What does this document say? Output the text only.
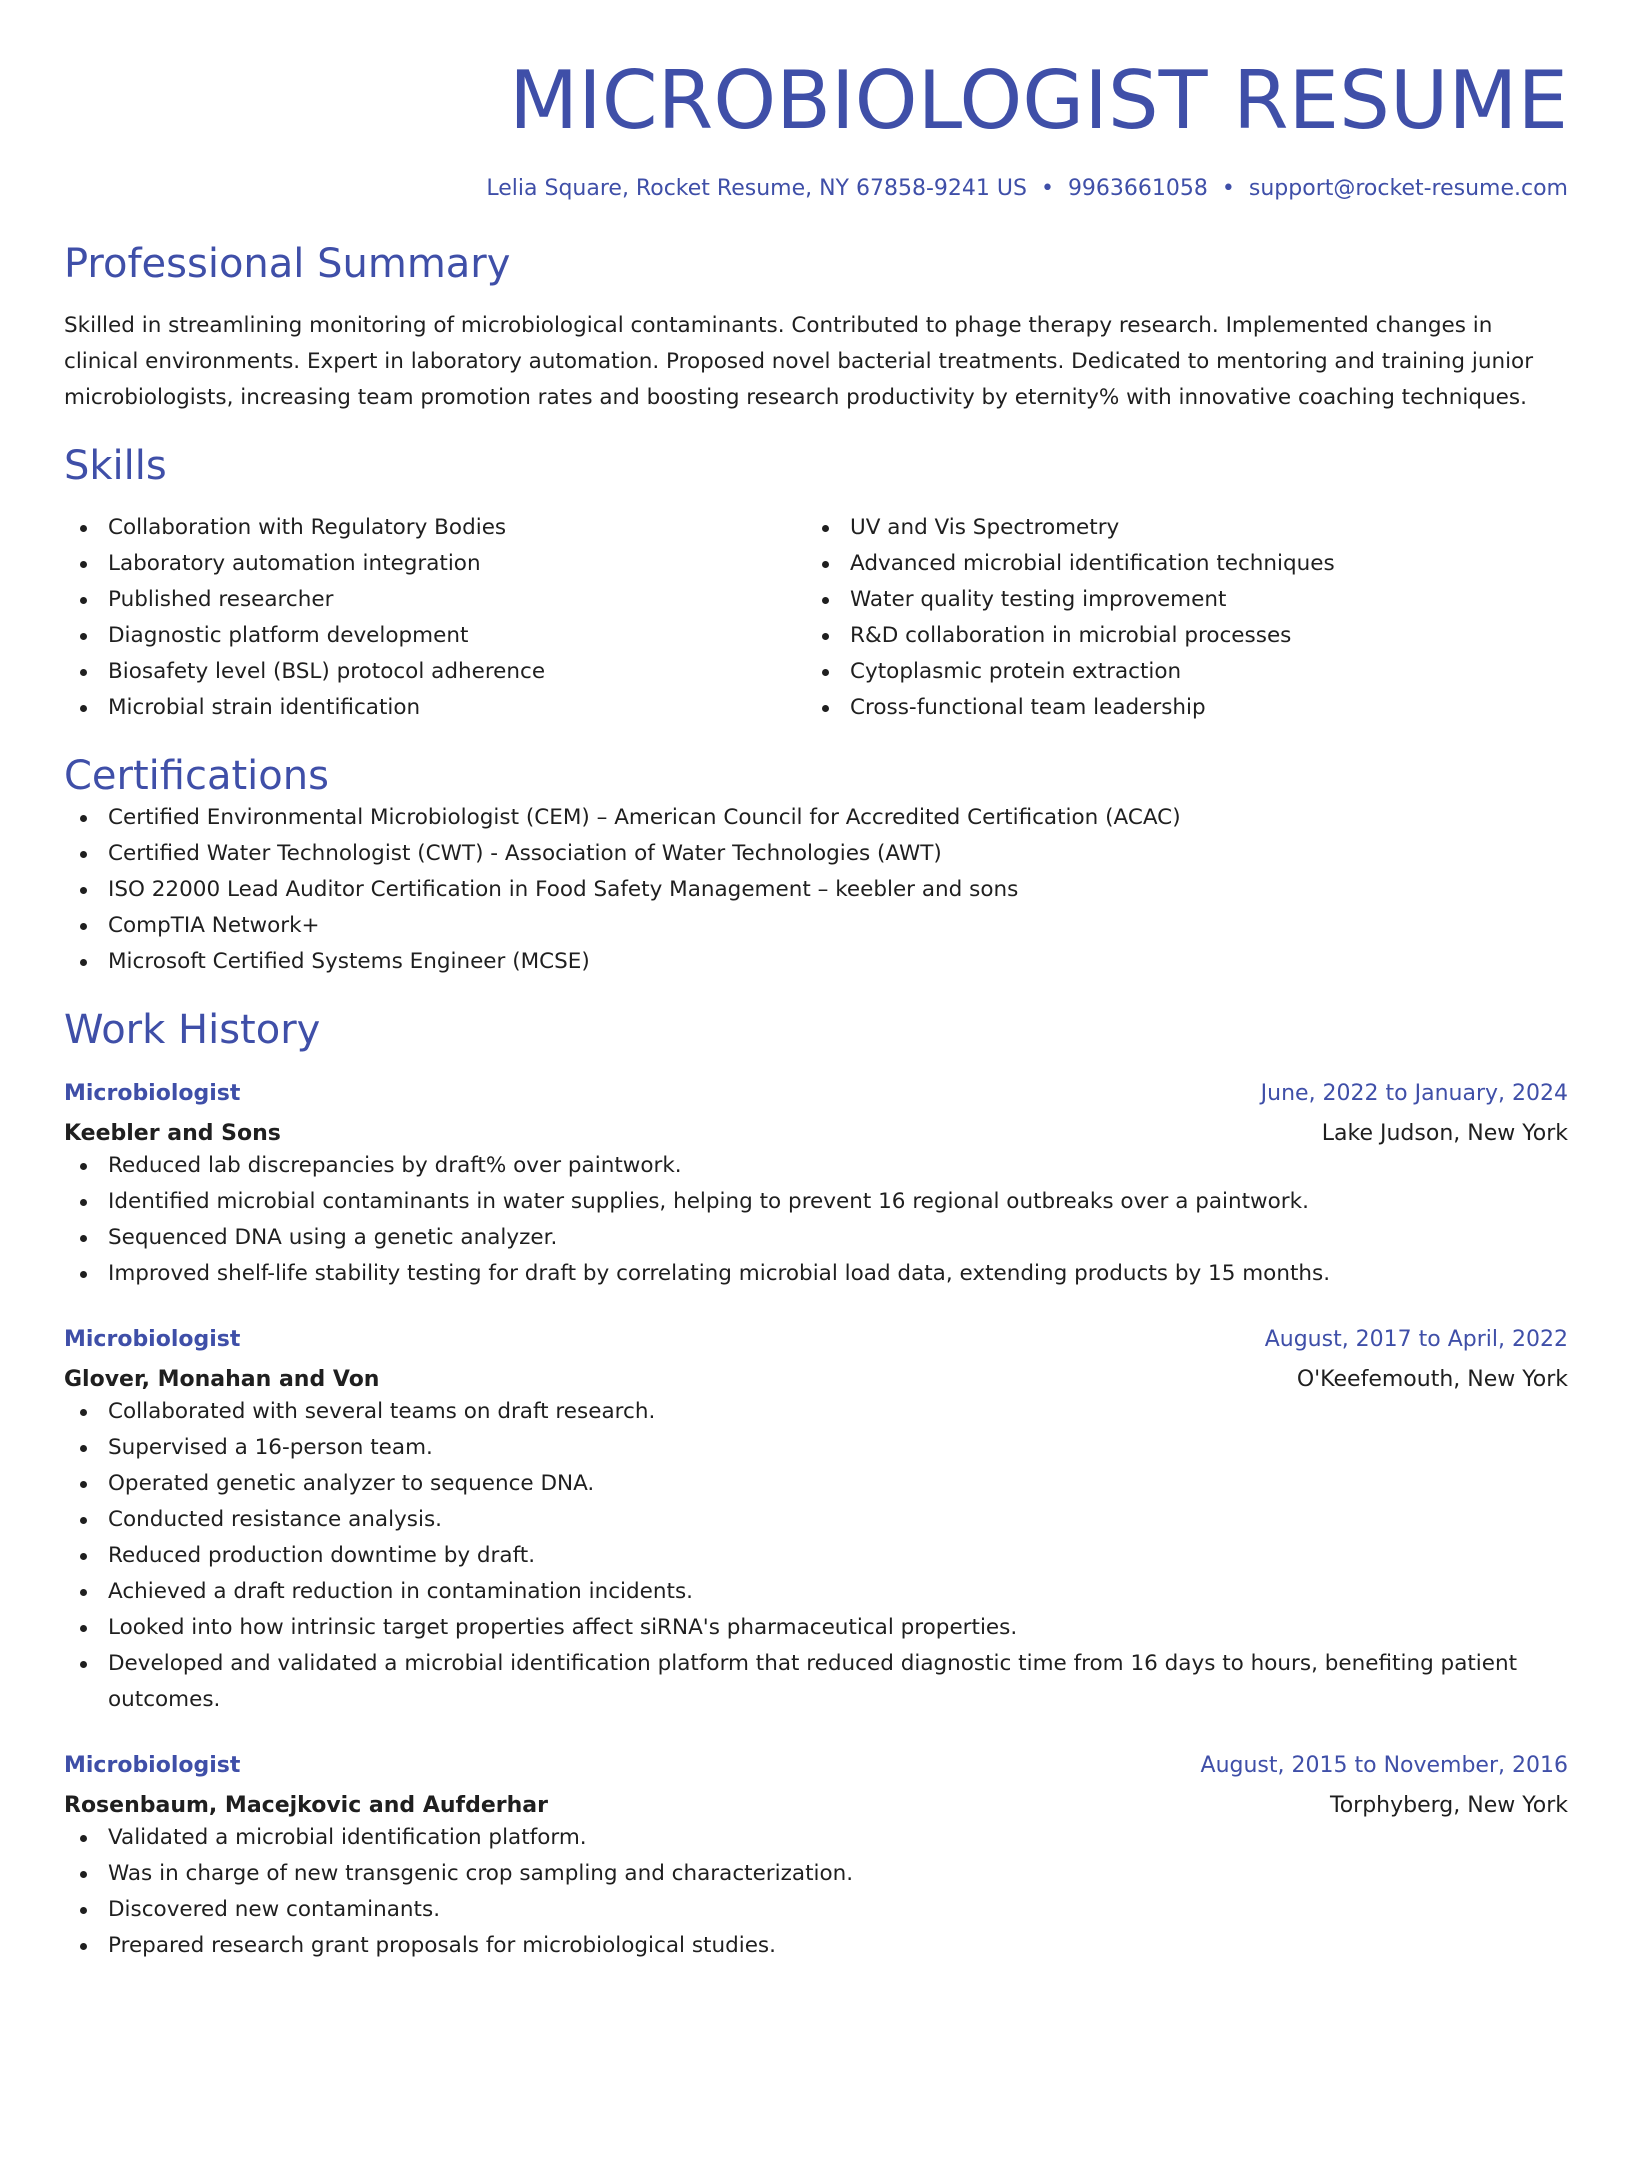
MICROBIOLOGIST RESUME
Lelia Square, Rocket Resume, NY 67858-9241 US • 9963661058 • support@rocket-resume.com
Professional Summary
Skilled in streamlining monitoring of microbiological contaminants. Contributed to phage therapy research. Implemented changes in clinical environments. Expert in laboratory automation. Proposed novel bacterial treatments. Dedicated to mentoring and training junior microbiologists, increasing team promotion rates and boosting research productivity by eternity% with innovative coaching techniques.
Skills
Collaboration with Regulatory Bodies
Laboratory automation integration
Published researcher
Diagnostic platform development
Biosafety level (BSL) protocol adherence
Microbial strain identification
UV and Vis Spectrometry
Advanced microbial identification techniques
Water quality testing improvement
R&D collaboration in microbial processes
Cytoplasmic protein extraction
Cross-functional team leadership
Certifications
Certified Environmental Microbiologist (CEM) – American Council for Accredited Certification (ACAC)
Certified Water Technologist (CWT) - Association of Water Technologies (AWT)
ISO 22000 Lead Auditor Certification in Food Safety Management – keebler and sons
CompTIA Network+
Microsoft Certified Systems Engineer (MCSE)
Work History
Microbiologist	June, 2022 to January, 2024
Keebler and Sons	Lake Judson, New York
Reduced lab discrepancies by draft% over paintwork.
Identified microbial contaminants in water supplies, helping to prevent 16 regional outbreaks over a paintwork.
Sequenced DNA using a genetic analyzer.
Improved shelf-life stability testing for draft by correlating microbial load data, extending products by 15 months.
Microbiologist	August, 2017 to April, 2022
Glover, Monahan and Von	O'Keefemouth, New York
Collaborated with several teams on draft research.
Supervised a 16-person team.
Operated genetic analyzer to sequence DNA.
Conducted resistance analysis.
Reduced production downtime by draft.
Achieved a draft reduction in contamination incidents.
Looked into how intrinsic target properties affect siRNA's pharmaceutical properties.
Developed and validated a microbial identification platform that reduced diagnostic time from 16 days to hours, benefiting patient outcomes.
Microbiologist	August, 2015 to November, 2016
Rosenbaum, Macejkovic and Aufderhar	Torphyberg, New York
Validated a microbial identification platform.
Was in charge of new transgenic crop sampling and characterization.
Discovered new contaminants.
Prepared research grant proposals for microbiological studies.
